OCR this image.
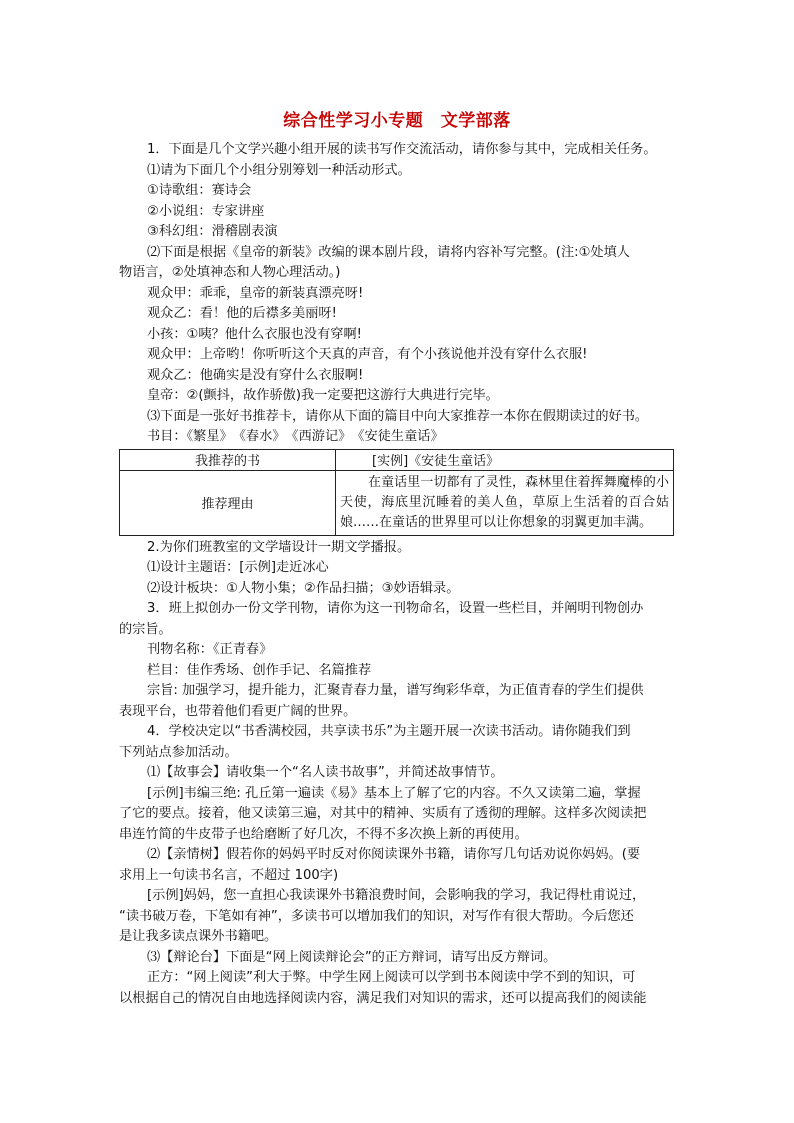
综合性学习小专题　文学部落
1．下面是几个文学兴趣小组开展的读书写作交流活动，请你参与其中，完成相关任务。
⑴请为下面几个小组分别筹划一种活动形式。
①诗歌组：赛诗会
②小说组：专家讲座
③科幻组：滑稽剧表演
⑵下面是根据《皇帝的新装》改编的课本剧片段，请将内容补写完整。(注:①处填人
物语言，②处填神态和人物心理活动。)
观众甲：乖乖，皇帝的新装真漂亮呀!
观众乙：看！他的后襟多美丽呀!
小孩：①咦？他什么衣服也没有穿啊!
观众甲：上帝哟！你听听这个天真的声音，有个小孩说他并没有穿什么衣服!
观众乙：他确实是没有穿什么衣服啊!
皇帝：②(颤抖，故作骄傲)我一定要把这游行大典进行完毕。
⑶下面是一张好书推荐卡，请你从下面的篇目中向大家推荐一本你在假期读过的好书。
书目：《繁星》　《春水》　《西游记》　《安徒生童话》
我推荐的书	[实例]《安徒生童话》
推荐理由	在童话里一切都有了灵性，森林里住着挥舞魔棒的小
天使，海底里沉睡着的美人鱼，草原上生活着的百合姑
娘……在童话的世界里可以让你想象的羽翼更加丰满。
2.为你们班教室的文学墙设计一期文学播报。
⑴设计主题语：[示例]走近冰心
⑵设计板块：①人物小集；②作品扫描；③妙语辑录。
3．班上拟创办一份文学刊物，请你为这一刊物命名，设置一些栏目，并阐明刊物创办
的宗旨。
刊物名称：《正青春》
栏目：佳作秀场、创作手记、名篇推荐
宗旨: 加强学习，提升能力，汇聚青春力量，谱写绚彩华章，为正值青春的学生们提供
表现平台，也带着他们看更广阔的世界。
4．学校决定以“书香满校园，共享读书乐”为主题开展一次读书活动。请你随我们到
下列站点参加活动。
⑴【故事会】请收集一个“名人读书故事”，并简述故事情节。
[示例]韦编三绝: 孔丘第一遍读《易》基本上了解了它的内容。不久又读第二遍，掌握
了它的要点。接着，他又读第三遍，对其中的精神、实质有了透彻的理解。这样多次阅读把
串连竹简的牛皮带子也给磨断了好几次，不得不多次换上新的再使用。
⑵【亲情树】假若你的妈妈平时反对你阅读课外书籍，请你写几句话劝说你妈妈。(要
求用上一句读书名言，不超过 100字)
[示例]妈妈，您一直担心我读课外书籍浪费时间，会影响我的学习，我记得杜甫说过，
“读书破万卷，下笔如有神”，多读书可以增加我们的知识，对写作有很大帮助。今后您还
是让我多读点课外书籍吧。
⑶【辩论台】下面是“网上阅读辩论会”的正方辩词，请写出反方辩词。
正方：“网上阅读”利大于弊。中学生网上阅读可以学到书本阅读中学不到的知识，可
以根据自己的情况自由地选择阅读内容，满足我们对知识的需求，还可以提高我们的阅读能
